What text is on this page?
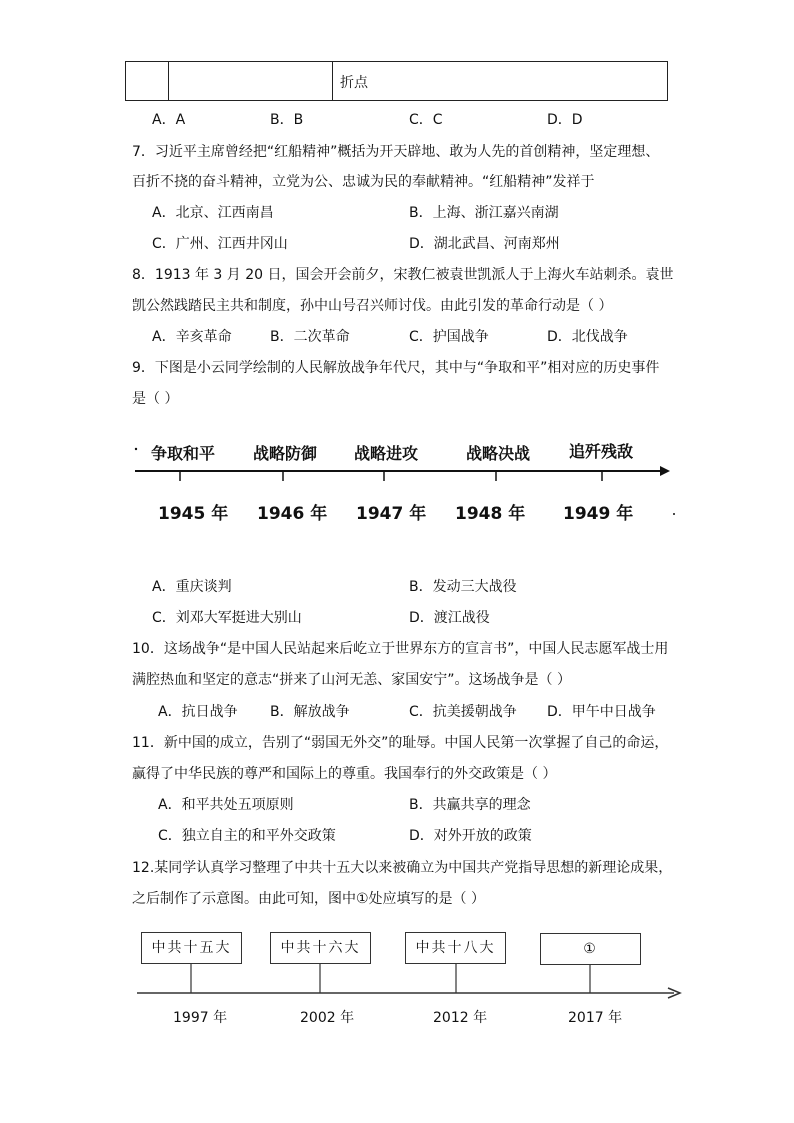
折点
A．A	B．B	C．C	D．D
7．习近平主席曾经把“红船精神”概括为开天辟地、敢为人先的首创精神，坚定理想、
百折不挠的奋斗精神，立党为公、忠诚为民的奉献精神。“红船精神”发祥于
A．北京、江西南昌	B．上海、浙江嘉兴南湖
C．广州、江西井冈山	D．湖北武昌、河南郑州
8．1913 年 3 月 20 日，国会开会前夕，宋教仁被袁世凯派人于上海火车站刺杀。袁世
凯公然践踏民主共和制度，孙中山号召兴师讨伐。由此引发的革命行动是（ ）
A．辛亥革命	B．二次革命	C．护国战争	D．北伐战争
9．下图是小云同学绘制的人民解放战争年代尺，其中与“争取和平”相对应的历史事件
是（ ）
争取和平 战略防御 战略进攻	战略决战 追歼残敌
1945 年 1946 年 1947 年 1948 年 1949 年
A．重庆谈判	B．发动三大战役
C．刘邓大军挺进大别山	D．渡江战役
10．这场战争“是中国人民站起来后屹立于世界东方的宣言书”，中国人民志愿军战士用
满腔热血和坚定的意志“拼来了山河无恙、家国安宁”。这场战争是（ ）
A．抗日战争 B．解放战争	C．抗美援朝战争 D．甲午中日战争
11．新中国的成立，告别了“弱国无外交”的耻辱。中国人民第一次掌握了自己的命运，
赢得了中华民族的尊严和国际上的尊重。我国奉行的外交政策是（ ）
A．和平共处五项原则	B．共赢共享的理念
C．独立自主的和平外交政策	D．对外开放的政策
12.某同学认真学习整理了中共十五大以来被确立为中国共产党指导思想的新理论成果，
之后制作了示意图。由此可知，图中①处应填写的是（ ）
中共十五大	中共十六大	中共十八大	①
1997 年	2002 年	2012 年	2017 年
